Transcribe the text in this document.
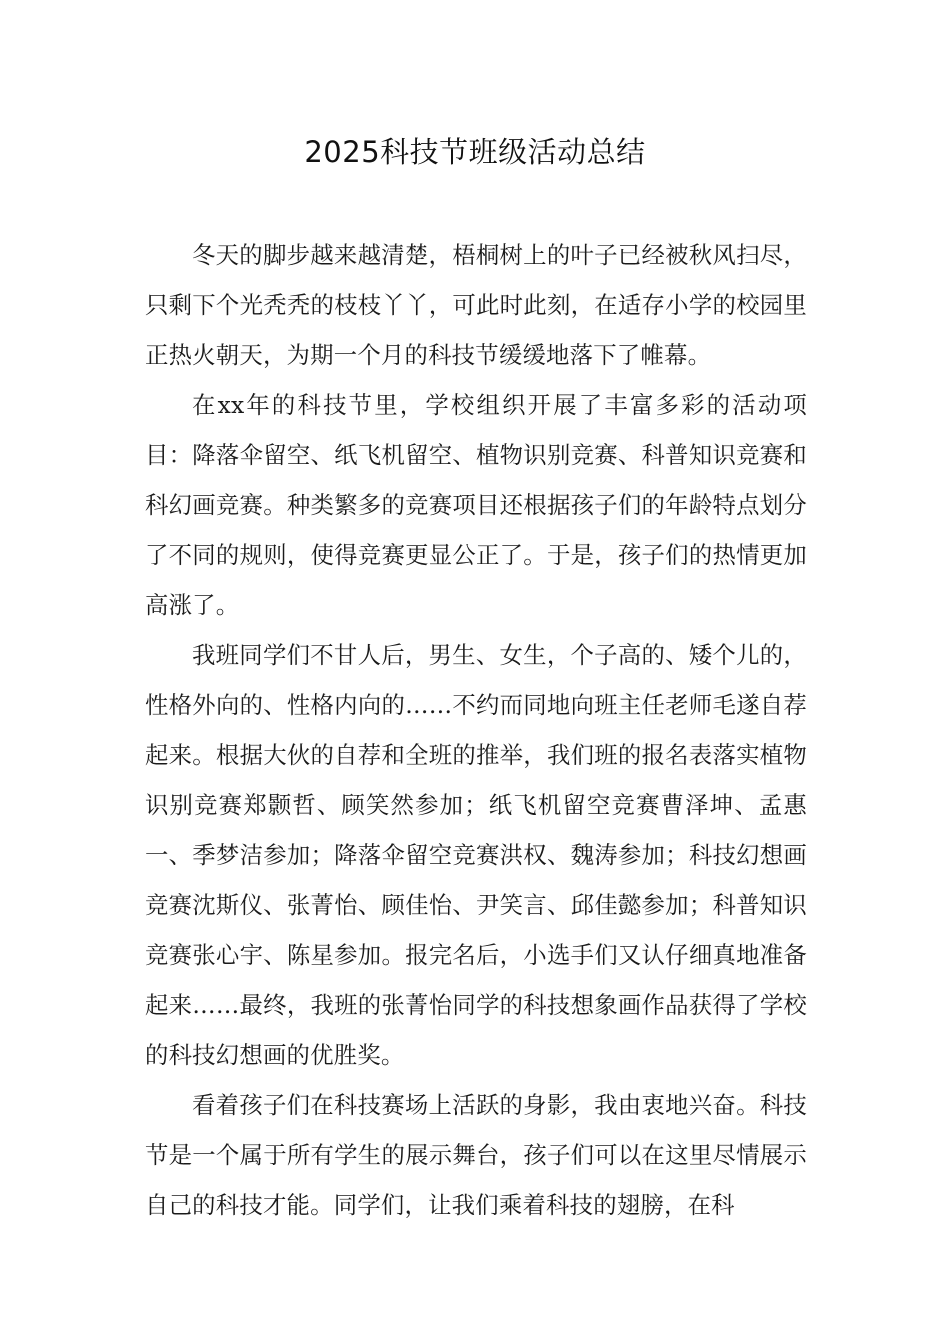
2025科技节班级活动总结

冬天的脚步越来越清楚，梧桐树上的叶子已经被秋风扫尽，只剩下个光秃秃的枝枝丫丫，可此时此刻，在适存小学的校园里正热火朝天，为期一个月的科技节缓缓地落下了帷幕。

在xx年的科技节里，学校组织开展了丰富多彩的活动项目：降落伞留空、纸飞机留空、植物识别竞赛、科普知识竞赛和科幻画竞赛。种类繁多的竞赛项目还根据孩子们的年龄特点划分了不同的规则，使得竞赛更显公正了。于是，孩子们的热情更加高涨了。

我班同学们不甘人后，男生、女生，个子高的、矮个儿的，性格外向的、性格内向的……不约而同地向班主任老师毛遂自荐起来。根据大伙的自荐和全班的推举，我们班的报名表落实植物识别竞赛郑颢哲、顾笑然参加；纸飞机留空竞赛曹泽坤、孟惠一、季梦洁参加；降落伞留空竞赛洪权、魏涛参加；科技幻想画竞赛沈斯仪、张菁怡、顾佳怡、尹笑言、邱佳懿参加；科普知识竞赛张心宇、陈星参加。报完名后，小选手们又认仔细真地准备起来……最终，我班的张菁怡同学的科技想象画作品获得了学校的科技幻想画的优胜奖。

看着孩子们在科技赛场上活跃的身影，我由衷地兴奋。科技节是一个属于所有学生的展示舞台，孩子们可以在这里尽情展示自己的科技才能。同学们，让我们乘着科技的翅膀，在科
